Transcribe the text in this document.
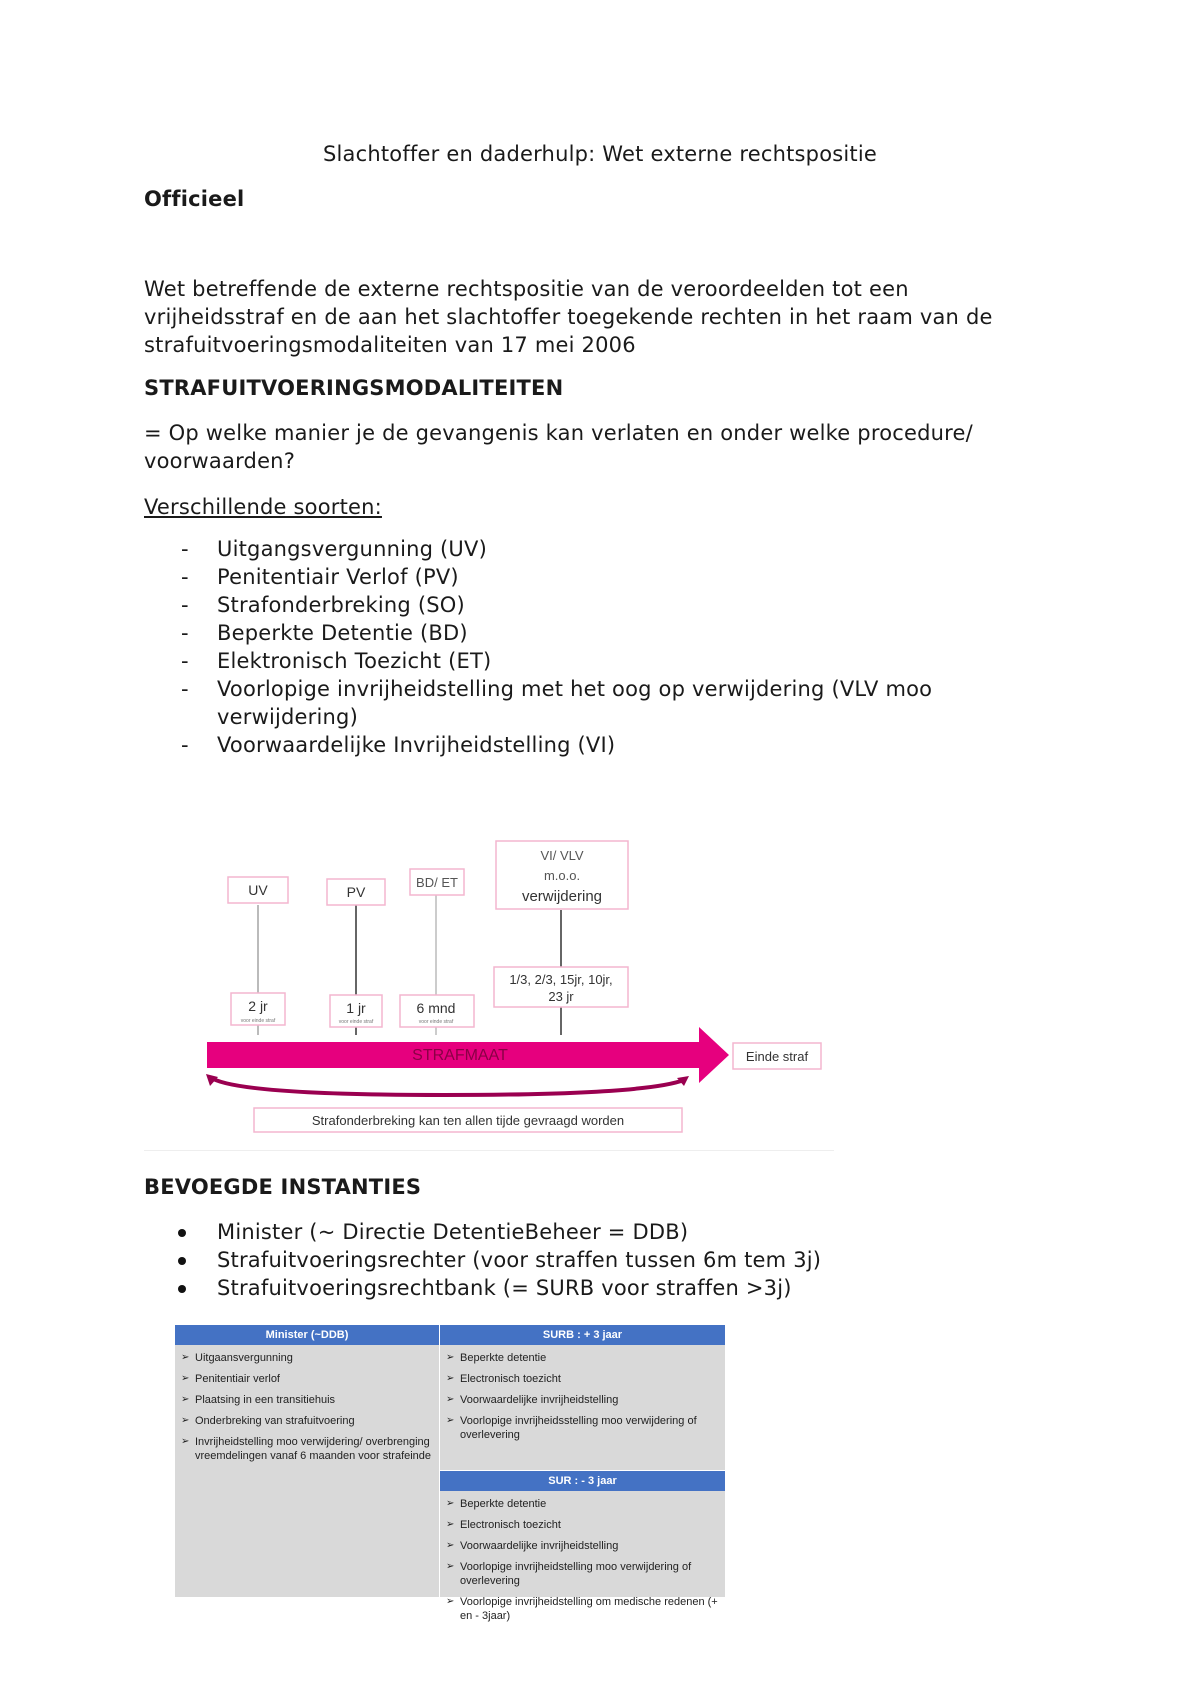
Slachtoffer en daderhulp: Wet externe rechtspositie
Officieel
Wet betreffende de externe rechtspositie van de veroordeelden tot een vrijheidsstraf en de aan het slachtoffer toegekende rechten in het raam van de strafuitvoeringsmodaliteiten van 17 mei 2006
STRAFUITVOERINGSMODALITEITEN
= Op welke manier je de gevangenis kan verlaten en onder welke procedure/ voorwaarden?
Verschillende soorten:
- Uitgangsvergunning (UV)
- Penitentiair Verlof (PV)
- Strafonderbreking (SO)
- Beperkte Detentie (BD)
- Elektronisch Toezicht (ET)
- Voorlopige invrijheidstelling met het oog op verwijdering (VLV moo verwijdering)
- Voorwaardelijke Invrijheidstelling (VI)
UV	PV
BD/ ET
VI/ VLV
m.o.o.
verwijdering
2 jr
voor einde straf
1 jr
voor einde straf
6 mnd
voor einde straf
1/3, 2/3, 15jr, 10jr,
23 jr
STRAFMAAT	Einde straf
Strafonderbreking kan ten allen tijde gevraagd worden
BEVOEGDE INSTANTIES
Minister (~ Directie DetentieBeheer = DDB)
Strafuitvoeringsrechter (voor straffen tussen 6m tem 3j)
Strafuitvoeringsrechtbank (= SURB voor straffen >3j)
Minister (~DDB)
➢ Uitgaansvergunning
➢ Penitentiair verlof
➢ Plaatsing in een transitiehuis
➢ Onderbreking van strafuitvoering
➢ Invrijheidstelling moo verwijdering/ overbrenging vreemdelingen vanaf 6 maanden voor strafeinde
SURB : + 3 jaar
➢ Beperkte detentie
➢ Electronisch toezicht
➢ Voorwaardelijke invrijheidstelling
➢ Voorlopige invrijheidsstelling moo verwijdering of overlevering
SUR : - 3 jaar
➢ Beperkte detentie
➢ Electronisch toezicht
➢ Voorwaardelijke invrijheidstelling
➢ Voorlopige invrijheidstelling moo verwijdering of overlevering
➢ Voorlopige invrijheidstelling om medische redenen (+ en - 3jaar)
